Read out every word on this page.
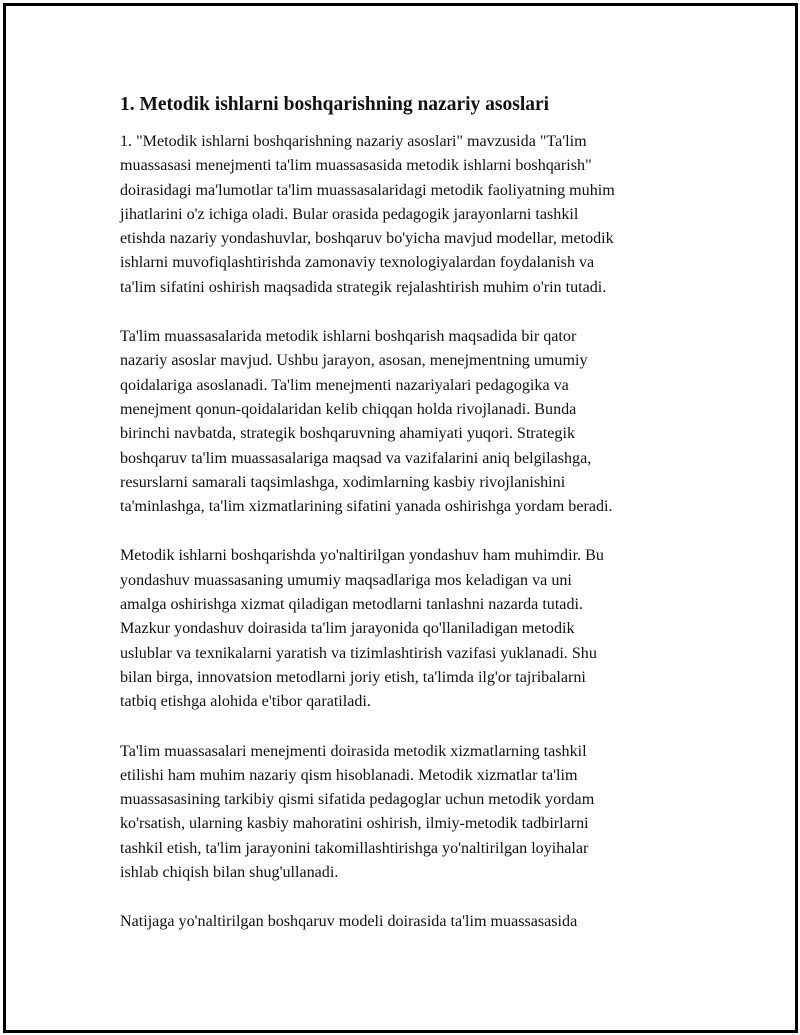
1. Metodik ishlarni boshqarishning nazariy asoslari

1. "Metodik ishlarni boshqarishning nazariy asoslari" mavzusida "Ta'lim
muassasasi menejmenti ta'lim muassasasida metodik ishlarni boshqarish"
doirasidagi ma'lumotlar ta'lim muassasalaridagi metodik faoliyatning muhim
jihatlarini o'z ichiga oladi. Bular orasida pedagogik jarayonlarni tashkil
etishda nazariy yondashuvlar, boshqaruv bo'yicha mavjud modellar, metodik
ishlarni muvofiqlashtirishda zamonaviy texnologiyalardan foydalanish va
ta'lim sifatini oshirish maqsadida strategik rejalashtirish muhim o'rin tutadi.

Ta'lim muassasalarida metodik ishlarni boshqarish maqsadida bir qator
nazariy asoslar mavjud. Ushbu jarayon, asosan, menejmentning umumiy
qoidalariga asoslanadi. Ta'lim menejmenti nazariyalari pedagogika va
menejment qonun-qoidalaridan kelib chiqqan holda rivojlanadi. Bunda
birinchi navbatda, strategik boshqaruvning ahamiyati yuqori. Strategik
boshqaruv ta'lim muassasalariga maqsad va vazifalarini aniq belgilashga,
resurslarni samarali taqsimlashga, xodimlarning kasbiy rivojlanishini
ta'minlashga, ta'lim xizmatlarining sifatini yanada oshirishga yordam beradi.

Metodik ishlarni boshqarishda yo'naltirilgan yondashuv ham muhimdir. Bu
yondashuv muassasaning umumiy maqsadlariga mos keladigan va uni
amalga oshirishga xizmat qiladigan metodlarni tanlashni nazarda tutadi.
Mazkur yondashuv doirasida ta'lim jarayonida qo'llaniladigan metodik
uslublar va texnikalarni yaratish va tizimlashtirish vazifasi yuklanadi. Shu
bilan birga, innovatsion metodlarni joriy etish, ta'limda ilg'or tajribalarni
tatbiq etishga alohida e'tibor qaratiladi.

Ta'lim muassasalari menejmenti doirasida metodik xizmatlarning tashkil
etilishi ham muhim nazariy qism hisoblanadi. Metodik xizmatlar ta'lim
muassasasining tarkibiy qismi sifatida pedagoglar uchun metodik yordam
ko'rsatish, ularning kasbiy mahoratini oshirish, ilmiy-metodik tadbirlarni
tashkil etish, ta'lim jarayonini takomillashtirishga yo'naltirilgan loyihalar
ishlab chiqish bilan shug'ullanadi.

Natijaga yo'naltirilgan boshqaruv modeli doirasida ta'lim muassasasida
